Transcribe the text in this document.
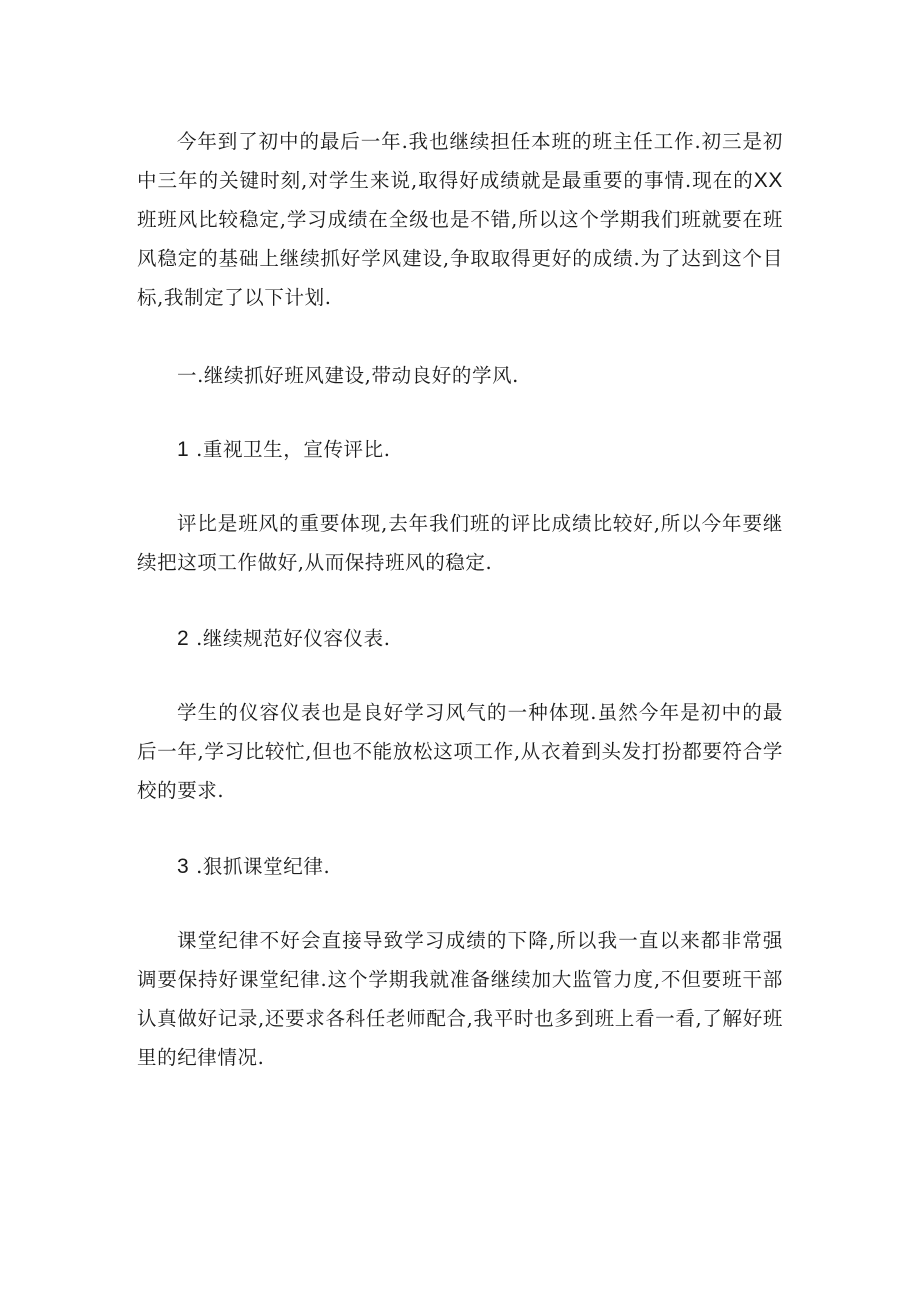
今年到了初中的最后一年.我也继续担任本班的班主任工作.初三是初中三年的关键时刻,对学生来说,取得好成绩就是最重要的事情.现在的XX班班风比较稳定,学习成绩在全级也是不错,所以这个学期我们班就要在班风稳定的基础上继续抓好学风建设,争取取得更好的成绩.为了达到这个目标,我制定了以下计划.

一.继续抓好班风建设,带动良好的学风.

1 .重视卫生，宣传评比.

评比是班风的重要体现,去年我们班的评比成绩比较好,所以今年要继续把这项工作做好,从而保持班风的稳定.

2 .继续规范好仪容仪表.

学生的仪容仪表也是良好学习风气的一种体现.虽然今年是初中的最后一年,学习比较忙,但也不能放松这项工作,从衣着到头发打扮都要符合学校的要求.

3 .狠抓课堂纪律.

课堂纪律不好会直接导致学习成绩的下降,所以我一直以来都非常强调要保持好课堂纪律.这个学期我就准备继续加大监管力度,不但要班干部认真做好记录,还要求各科任老师配合,我平时也多到班上看一看,了解好班里的纪律情况.
